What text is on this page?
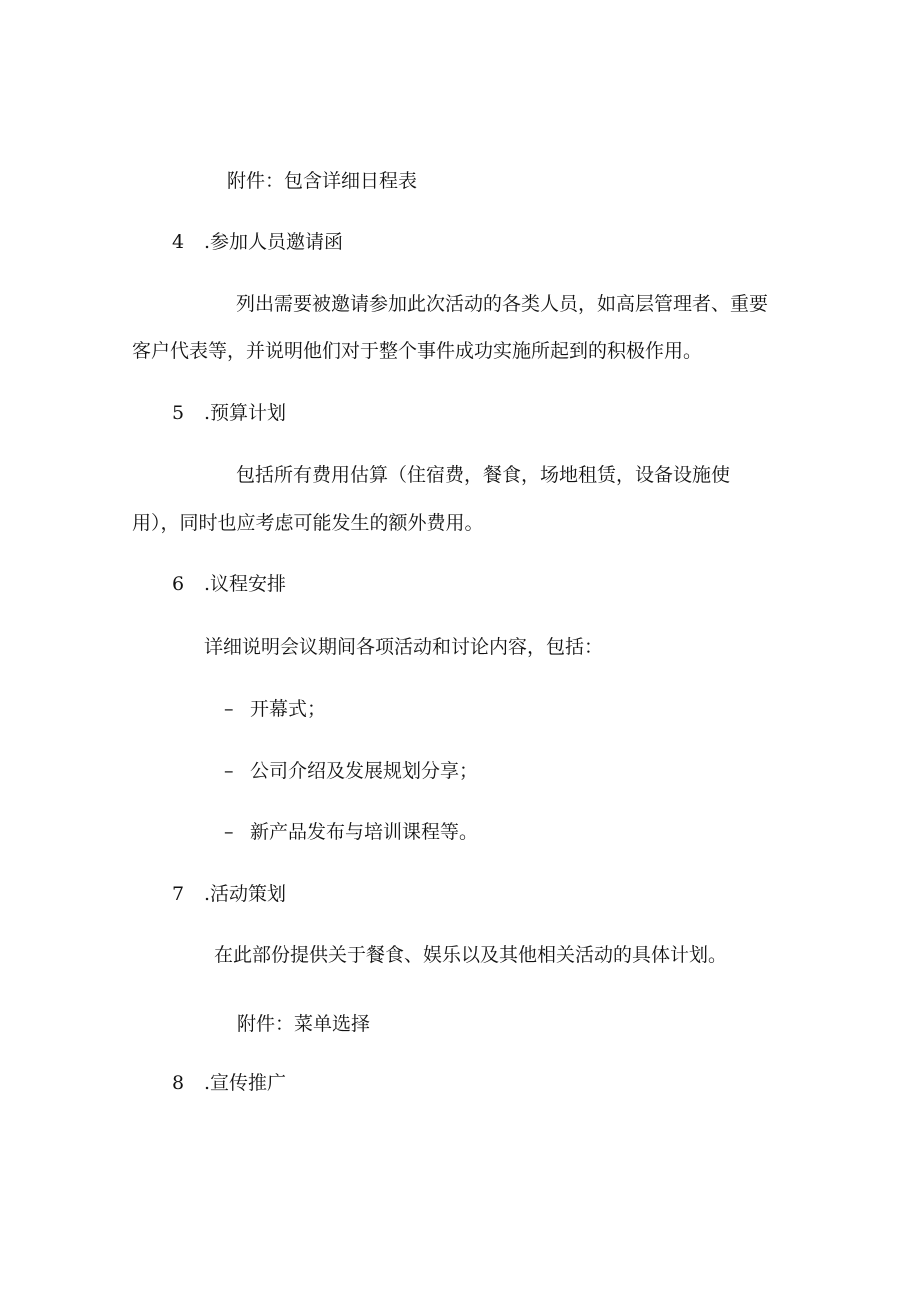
附件：包含详细日程表
4 .参加人员邀请函
列出需要被邀请参加此次活动的各类人员，如高层管理者、重要
客户代表等，并说明他们对于整个事件成功实施所起到的积极作用。
5 .预算计划
包括所有费用估算（住宿费，餐食，场地租赁，设备设施使
用），同时也应考虑可能发生的额外费用。
6 .议程安排
详细说明会议期间各项活动和讨论内容，包括：
– 开幕式；
– 公司介绍及发展规划分享；
– 新产品发布与培训课程等。
7 .活动策划
在此部份提供关于餐食、娱乐以及其他相关活动的具体计划。
附件：菜单选择
8 .宣传推广
